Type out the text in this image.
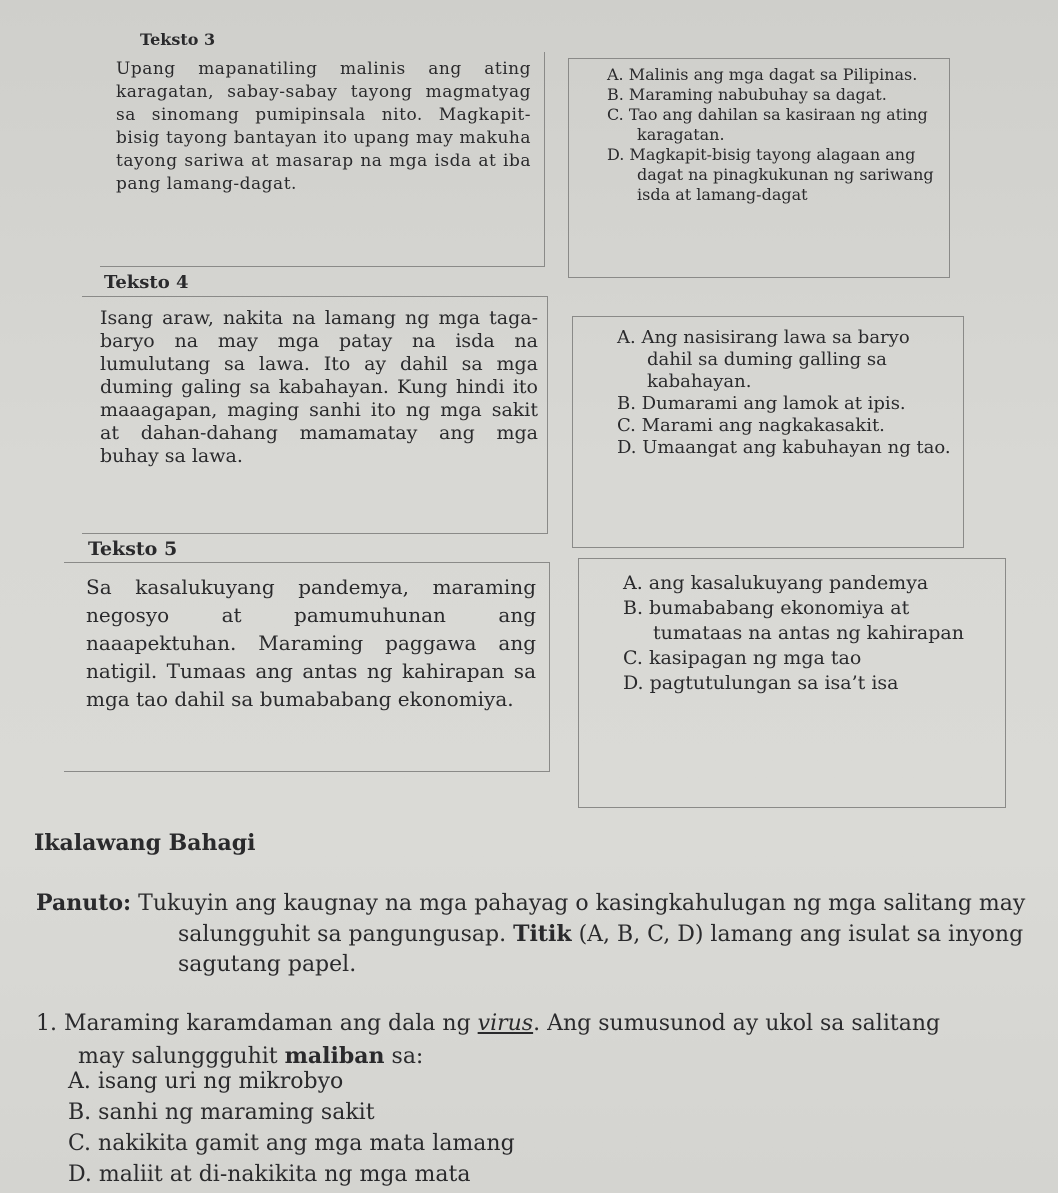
Teksto 3
Upang mapanatiling malinis ang ating karagatan, sabay-sabay tayong magmatyag sa sinomang pumipinsala nito. Magkapit-bisig tayong bantayan ito upang may makuha tayong sariwa at masarap na mga isda at iba pang lamang-dagat.
A. Malinis ang mga dagat sa Pilipinas.
B. Maraming nabubuhay sa dagat.
C. Tao ang dahilan sa kasiraan ng ating karagatan.
D. Magkapit-bisig tayong alagaan ang dagat na pinagkukunan ng sariwang isda at lamang-dagat
Teksto 4
Isang araw, nakita na lamang ng mga taga-baryo na may mga patay na isda na lumulutang sa lawa. Ito ay dahil sa mga duming galing sa kabahayan. Kung hindi ito maaagapan, maging sanhi ito ng mga sakit at dahan-dahang mamamatay ang mga buhay sa lawa.
A. Ang nasisirang lawa sa baryo dahil sa duming galling sa kabahayan.
B. Dumarami ang lamok at ipis.
C. Marami ang nagkakasakit.
D. Umaangat ang kabuhayan ng tao.
Teksto 5
Sa kasalukuyang pandemya, maraming negosyo at pamumuhunan ang naaapektuhan. Maraming paggawa ang natigil. Tumaas ang antas ng kahirapan sa mga tao dahil sa bumababang ekonomiya.
A. ang kasalukuyang pandemya
B. bumababang ekonomiya at tumataas na antas ng kahirapan
C. kasipagan ng mga tao
D. pagtutulungan sa isa’t isa
Ikalawang Bahagi
Panuto: Tukuyin ang kaugnay na mga pahayag o kasingkahulugan ng mga salitang may salungguhit sa pangungusap. Titik (A, B, C, D) lamang ang isulat sa inyong sagutang papel.
1. Maraming karamdaman ang dala ng virus. Ang sumusunod ay ukol sa salitang may salunggguhit maliban sa:
A. isang uri ng mikrobyo
B. sanhi ng maraming sakit
C. nakikita gamit ang mga mata lamang
D. maliit at di-nakikita ng mga mata
